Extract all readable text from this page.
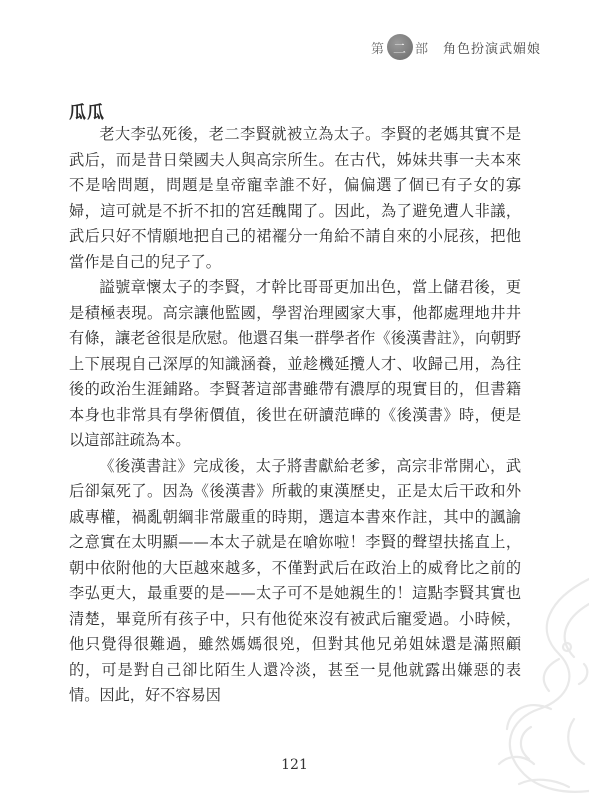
第 二 部 角色扮演武媚娘
瓜瓜

老大李弘死後，老二李賢就被立為太子。李賢的老媽其實不是武后，而是昔日榮國夫人與高宗所生。在古代，姊妹共事一夫本來不是啥問題，問題是皇帝寵幸誰不好，偏偏選了個已有子女的寡婦，這可就是不折不扣的宮廷醜聞了。因此，為了避免遭人非議，武后只好不情願地把自己的裙襬分一角給不請自來的小屁孩，把他當作是自己的兒子了。

謚號章懷太子的李賢，才幹比哥哥更加出色，當上儲君後，更是積極表現。高宗讓他監國，學習治理國家大事，他都處理地井井有條，讓老爸很是欣慰。他還召集一群學者作《後漢書註》，向朝野上下展現自己深厚的知識涵養，並趁機延攬人才、收歸己用，為往後的政治生涯鋪路。李賢著這部書雖帶有濃厚的現實目的，但書籍本身也非常具有學術價值，後世在研讀范曄的《後漢書》時，便是以這部註疏為本。

《後漢書註》完成後，太子將書獻給老爹，高宗非常開心，武后卻氣死了。因為《後漢書》所載的東漢歷史，正是太后干政和外戚專權，禍亂朝綱非常嚴重的時期，選這本書來作註，其中的諷諭之意實在太明顯——本太子就是在嗆妳啦！李賢的聲望扶搖直上，朝中依附他的大臣越來越多，不僅對武后在政治上的威脅比之前的李弘更大，最重要的是——太子可不是她親生的！這點李賢其實也清楚，畢竟所有孩子中，只有他從來沒有被武后寵愛過。小時候，他只覺得很難過，雖然媽媽很兇，但對其他兄弟姐妹還是滿照顧的，可是對自己卻比陌生人還冷淡，甚至一見他就露出嫌惡的表情。因此，好不容易因

121
